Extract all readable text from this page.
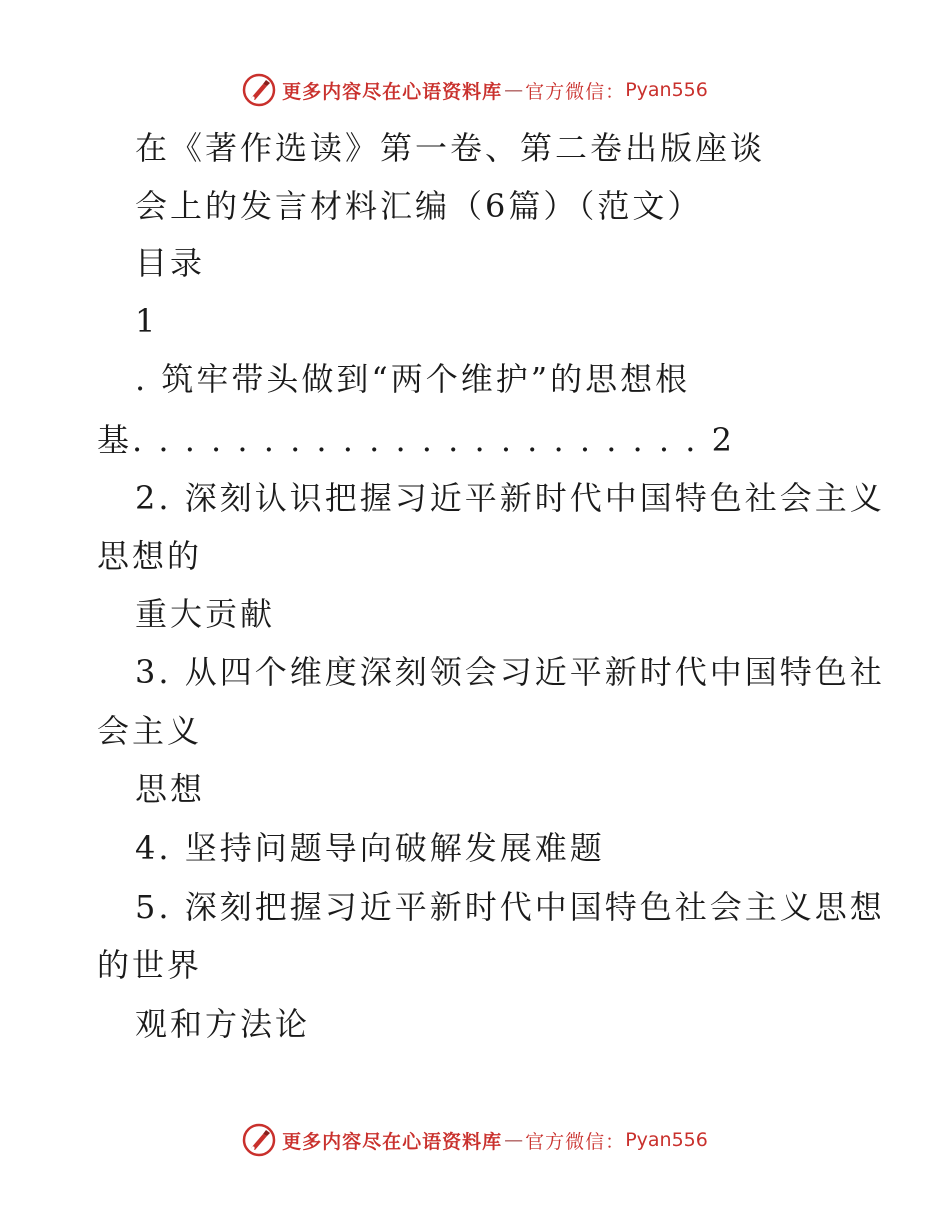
更多内容尽在心语资料库 — 官方微信： Pyan556
在《著作选读》第一卷、第二卷出版座谈
会上的发言材料汇编（6篇）（范文）
目录
1
. 筑牢带头做到“两个维护”的思想根
基. . . . . . . . . . . . . . . . . . . . . . 2
2. 深刻认识把握习近平新时代中国特色社会主义
思想的
重大贡献
3. 从四个维度深刻领会习近平新时代中国特色社
会主义
思想
4. 坚持问题导向破解发展难题
5. 深刻把握习近平新时代中国特色社会主义思想
的世界
观和方法论
更多内容尽在心语资料库 — 官方微信： Pyan556
